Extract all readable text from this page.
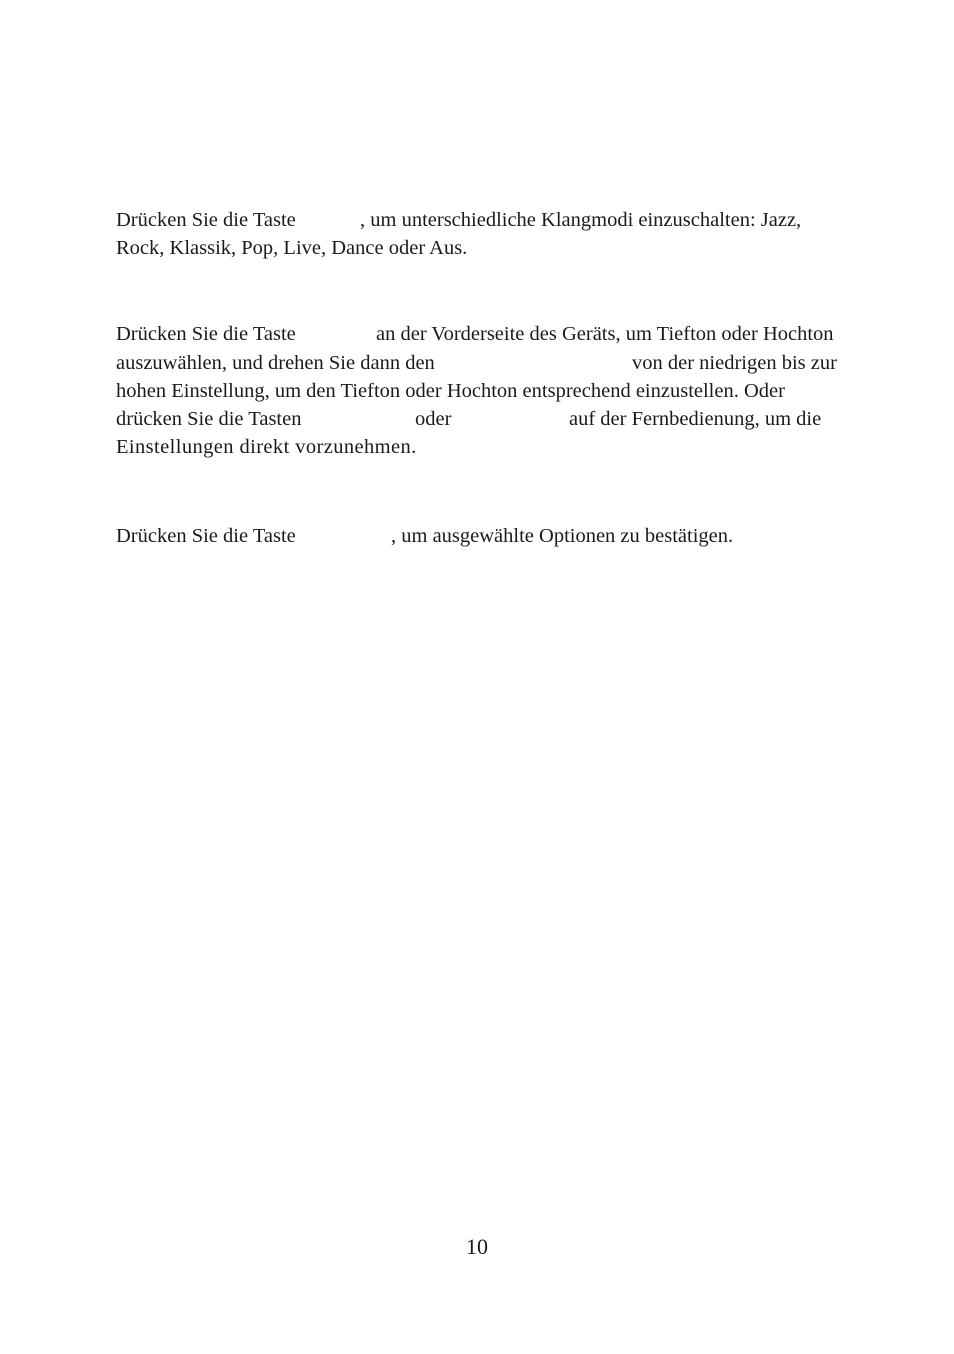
Drücken Sie die Taste	, um unterschiedliche Klangmodi einzuschalten: Jazz,
Rock, Klassik, Pop, Live, Dance oder Aus.
Drücken Sie die Taste	an der Vorderseite des Geräts, um Tiefton oder Hochton
auszuwählen, und drehen Sie dann den	von der niedrigen bis zur
hohen Einstellung, um den Tiefton oder Hochton entsprechend einzustellen. Oder
drücken Sie die Tasten	oder	auf der Fernbedienung, um die
Einstellungen direkt vorzunehmen.
Drücken Sie die Taste	, um ausgewählte Optionen zu bestätigen.
10
